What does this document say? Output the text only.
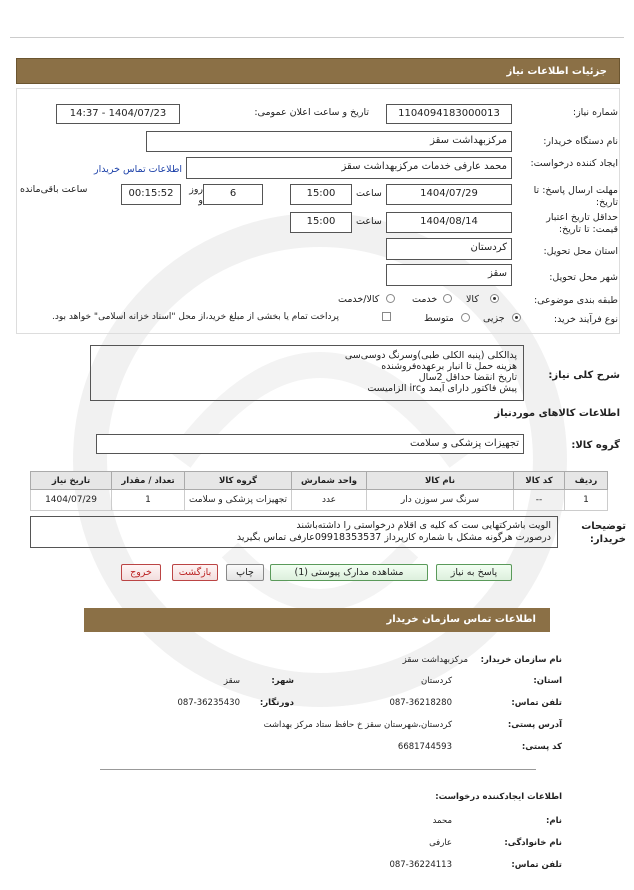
جزئیات اطلاعات نیاز
شماره نیاز:
1104094183000013
تاریخ و ساعت اعلان عمومی:
1404/07/23 - 14:37
نام دستگاه خریدار:
مرکزبهداشت سقز
ایجاد کننده درخواست:
محمد عارفی خدمات مرکزبهداشت سقز
اطلاعات تماس خریدار
مهلت ارسال پاسخ: تا تاریخ:
1404/07/29
ساعت
15:00
6
روز و
00:15:52
ساعت باقی‌مانده
حداقل تاریخ اعتبار قیمت: تا تاریخ:
1404/08/14
ساعت
15:00
استان محل تحویل:
کردستان
شهر محل تحویل:
سقز
طبقه بندی موضوعی:
کالا
خدمت
کالا/خدمت
نوع فرآیند خرید:
جزیی
متوسط
پرداخت تمام یا بخشی از مبلغ خرید،از محل "اسناد خزانه اسلامی" خواهد بود.
شرح کلی نیاز:
پدالکلی (پنبه الکلی طبی)وسرنگ دوسی‌سی
هزینه حمل تا انبار برعهده‌فروشنده
تاریخ انقضا حداقل 2سال
پیش فاکتور دارای آیمد وirc الزامیست
اطلاعات کالاهای موردنیاز
گروه کالا:
تجهیزات پزشکی و سلامت
ردیف	کد کالا	نام کالا	واحد شمارش	گروه کالا	تعداد / مقدار	تاریخ نیاز
1	--	سرنگ سر سوزن دار	عدد	تجهیزات پزشکی و سلامت	1	1404/07/29
توضیحات خریدار:
الویت باشرکتهایی ست که کلیه ی اقلام درخواستی را داشته‌باشند
درصورت هرگونه مشکل با شماره کارپرداز 09918353537عارفی تماس بگیرید
پاسخ به نیاز
مشاهده مدارک پیوستی (1)
چاپ
بازگشت
خروج
اطلاعات تماس سازمان خریدار
نام سازمان خریدار:
مرکزبهداشت سقز
استان:
کردستان
شهر:
سقز
تلفن تماس:
087-36218280
دورنگار:
087-36235430
آدرس پستی:
کردستان،شهرستان سقز خ حافظ ستاد مرکز بهداشت
کد پستی:
6681744593
اطلاعات ایجادکننده درخواست:
نام:
محمد
نام خانوادگی:
عارفی
تلفن تماس:
087-36224113
